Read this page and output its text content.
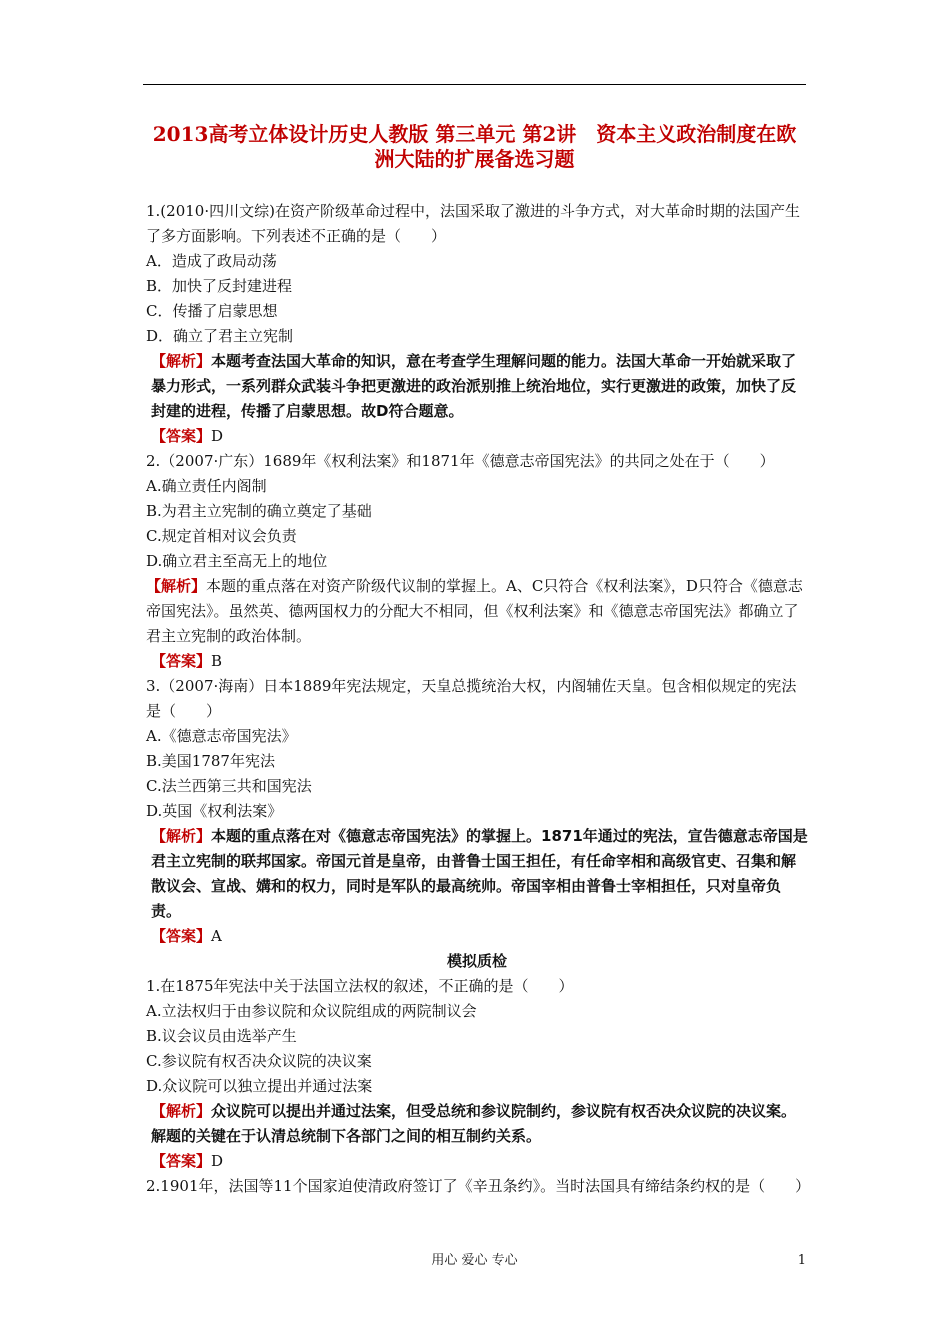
2013高考立体设计历史人教版 第三单元 第2讲　资本主义政治制度在欧洲大陆的扩展备选习题

1.(2010·四川文综)在资产阶级革命过程中，法国采取了激进的斗争方式，对大革命时期的法国产生了多方面影响。下列表述不正确的是（　　）

A．造成了政局动荡

B．加快了反封建进程

C．传播了启蒙思想

D．确立了君主立宪制

【解析】本题考查法国大革命的知识，意在考查学生理解问题的能力。法国大革命一开始就采取了暴力形式，一系列群众武装斗争把更激进的政治派别推上统治地位，实行更激进的政策，加快了反封建的进程，传播了启蒙思想。故D符合题意。

【答案】D

2.（2007·广东）1689年《权利法案》和1871年《德意志帝国宪法》的共同之处在于（　　）

A.确立责任内阁制

B.为君主立宪制的确立奠定了基础

C.规定首相对议会负责

D.确立君主至高无上的地位

【解析】本题的重点落在对资产阶级代议制的掌握上。A、C只符合《权利法案》，D只符合《德意志帝国宪法》。虽然英、德两国权力的分配大不相同，但《权利法案》和《德意志帝国宪法》都确立了君主立宪制的政治体制。

【答案】B

3.（2007·海南）日本1889年宪法规定，天皇总揽统治大权，内阁辅佐天皇。包含相似规定的宪法是（　　）

A.《德意志帝国宪法》

B.美国1787年宪法

C.法兰西第三共和国宪法

D.英国《权利法案》

【解析】本题的重点落在对《德意志帝国宪法》的掌握上。1871年通过的宪法，宣告德意志帝国是君主立宪制的联邦国家。帝国元首是皇帝，由普鲁士国王担任，有任命宰相和高级官吏、召集和解散议会、宣战、媾和的权力，同时是军队的最高统帅。帝国宰相由普鲁士宰相担任，只对皇帝负责。

【答案】A

模拟质检

1.在1875年宪法中关于法国立法权的叙述，不正确的是（　　）

A.立法权归于由参议院和众议院组成的两院制议会

B.议会议员由选举产生

C.参议院有权否决众议院的决议案

D.众议院可以独立提出并通过法案

【解析】众议院可以提出并通过法案，但受总统和参议院制约，参议院有权否决众议院的决议案。解题的关键在于认清总统制下各部门之间的相互制约关系。

【答案】D

2.1901年，法国等11个国家迫使清政府签订了《辛丑条约》。当时法国具有缔结条约权的是（　　）

用心 爱心 专心	1
